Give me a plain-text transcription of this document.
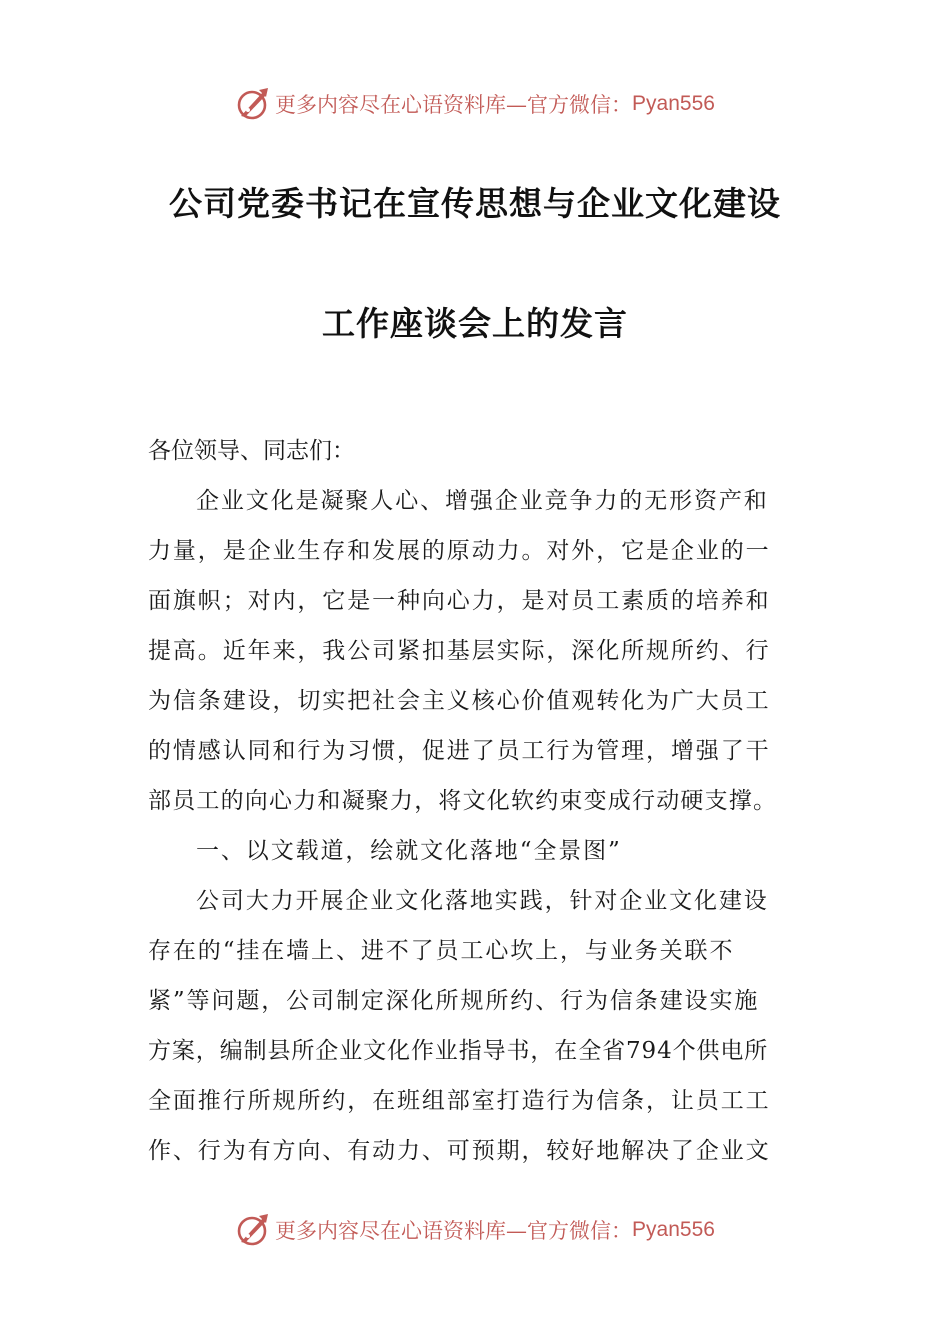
更多内容尽在心语资料库—官方微信： Pyan556
公司党委书记在宣传思想与企业文化建设
工作座谈会上的发言
各位领导、同志们：
企业文化是凝聚人心、增强企业竞争力的无形资产和
力量，是企业生存和发展的原动力。对外，它是企业的一
面旗帜；对内，它是一种向心力，是对员工素质的培养和
提高。近年来，我公司紧扣基层实际，深化所规所约、行
为信条建设，切实把社会主义核心价值观转化为广大员工
的情感认同和行为习惯，促进了员工行为管理，增强了干
部员工的向心力和凝聚力，将文化软约束变成行动硬支撑。
一、以文载道，绘就文化落地“全景图”
公司大力开展企业文化落地实践，针对企业文化建设
存在的“挂在墙上、进不了员工心坎上，与业务关联不
紧”等问题，公司制定深化所规所约、行为信条建设实施
方案，编制县所企业文化作业指导书，在全省794个供电所
全面推行所规所约，在班组部室打造行为信条，让员工工
作、行为有方向、有动力、可预期，较好地解决了企业文
更多内容尽在心语资料库—官方微信： Pyan556
